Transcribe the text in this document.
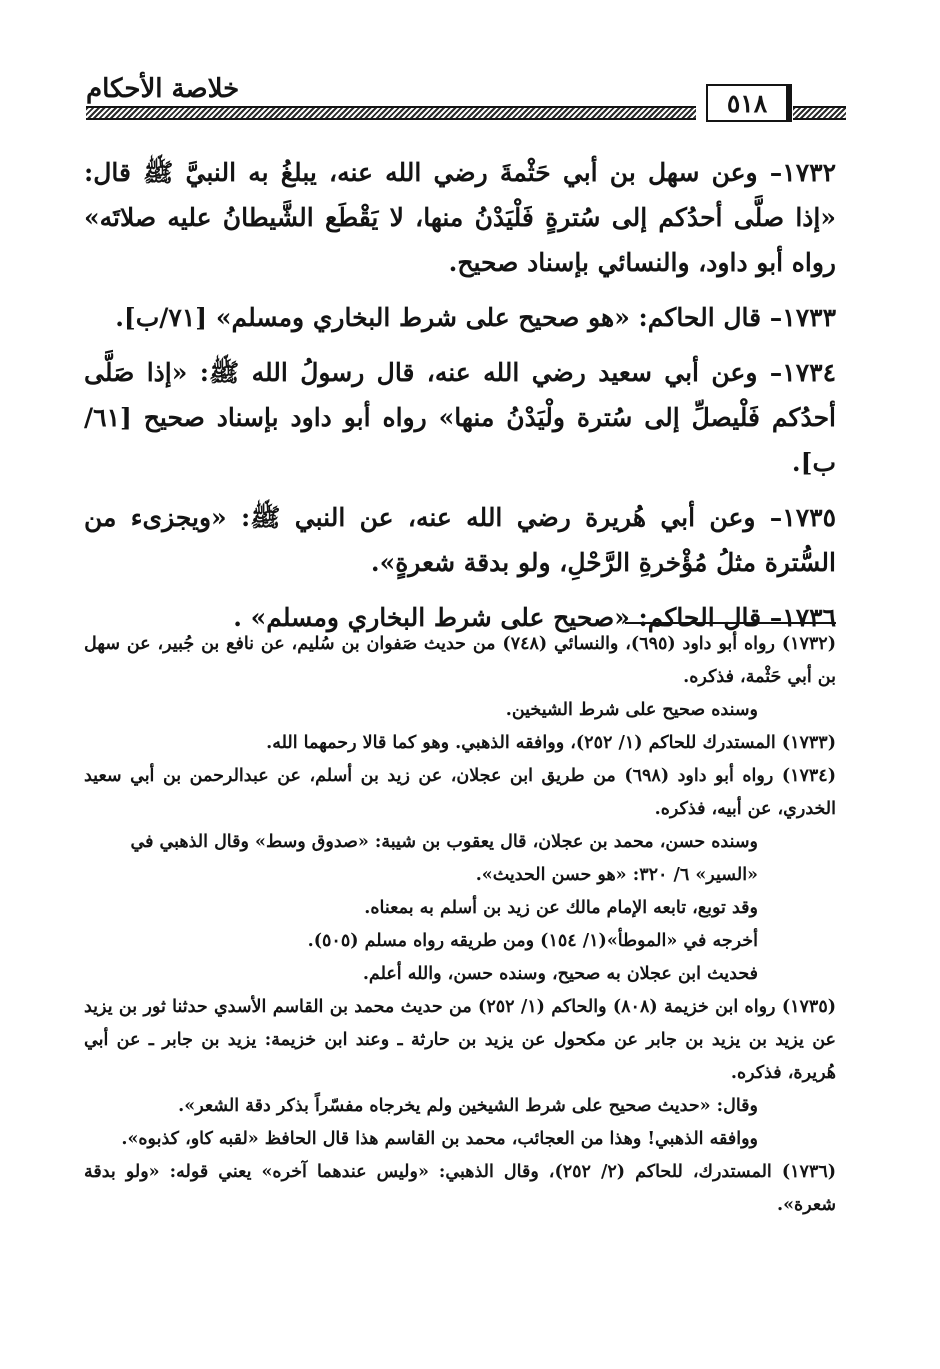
خلاصة الأحكام	٥١٨

١٧٣٢– وعن سهل بن أبي حَثْمةَ رضي الله عنه، يبلغُ به النبيَّ ﷺ قال: «إذا صلَّى أحدُكم إلى سُترةٍ فَلْيَدْنُ منها، لا يَقْطَع الشَّيطانُ عليه صلاتَه» رواه أبو داود، والنسائي بإسناد صحيح.

١٧٣٣– قال الحاكم: «هو صحيح على شرط البخاري ومسلم» [٧١/ب].

١٧٣٤– وعن أبي سعيد رضي الله عنه، قال رسولُ الله ﷺ: «إذا صَلَّى أحدُكم فَلْيصلِّ إلى سُترة ولْيَدْنُ منها» رواه أبو داود بإسناد صحيح [٦١/ب].

١٧٣٥– وعن أبي هُريرة رضي الله عنه، عن النبي ﷺ: «ويجزىء من السُّترة مثلُ مُؤْخرةِ الرَّحْلِ، ولو بدقة شعرةٍ».

١٧٣٦– قال الحاكم: «صحيح على شرط البخاري ومسلم» .

(١٧٣٢) رواه أبو داود (٦٩٥)، والنسائي (٧٤٨) من حديث صَفوان بن سُليم، عن نافع بن جُبير، عن سهل بن أبي حَثْمة، فذكره.

وسنده صحيح على شرط الشيخين.

(١٧٣٣) المستدرك للحاكم (١/ ٢٥٢)، ووافقه الذهبي. وهو كما قالا رحمهما الله.

(١٧٣٤) رواه أبو داود (٦٩٨) من طريق ابن عجلان، عن زيد بن أسلم، عن عبدالرحمن بن أبي سعيد الخدري، عن أبيه، فذكره.

وسنده حسن، محمد بن عجلان، قال يعقوب بن شيبة: «صدوق وسط» وقال الذهبي في «السير» ٦/ ٣٢٠: «هو حسن الحديث».

وقد توبع، تابعه الإمام مالك عن زيد بن أسلم به بمعناه.

أخرجه في «الموطأ»(١/ ١٥٤) ومن طريقه رواه مسلم (٥٠٥).

فحديث ابن عجلان به صحيح، وسنده حسن، والله أعلم.

(١٧٣٥) رواه ابن خزيمة (٨٠٨) والحاكم (١/ ٢٥٢) من حديث محمد بن القاسم الأسدي حدثنا ثور بن يزيد عن يزيد بن يزيد بن جابر عن مكحول عن يزيد بن حارثة ـ وعند ابن خزيمة: يزيد بن جابر ـ عن أبي هُريرة، فذكره.

وقال: «حديث صحيح على شرط الشيخين ولم يخرجاه مفسّراً بذكر دقة الشعر».

ووافقه الذهبي! وهذا من العجائب، محمد بن القاسم هذا قال الحافظ «لقبه كاو، كذبوه».

(١٧٣٦) المستدرك، للحاكم (٢/ ٢٥٢)، وقال الذهبي: «وليس عندهما آخره» يعني قوله: «ولو بدقة شعرة».
